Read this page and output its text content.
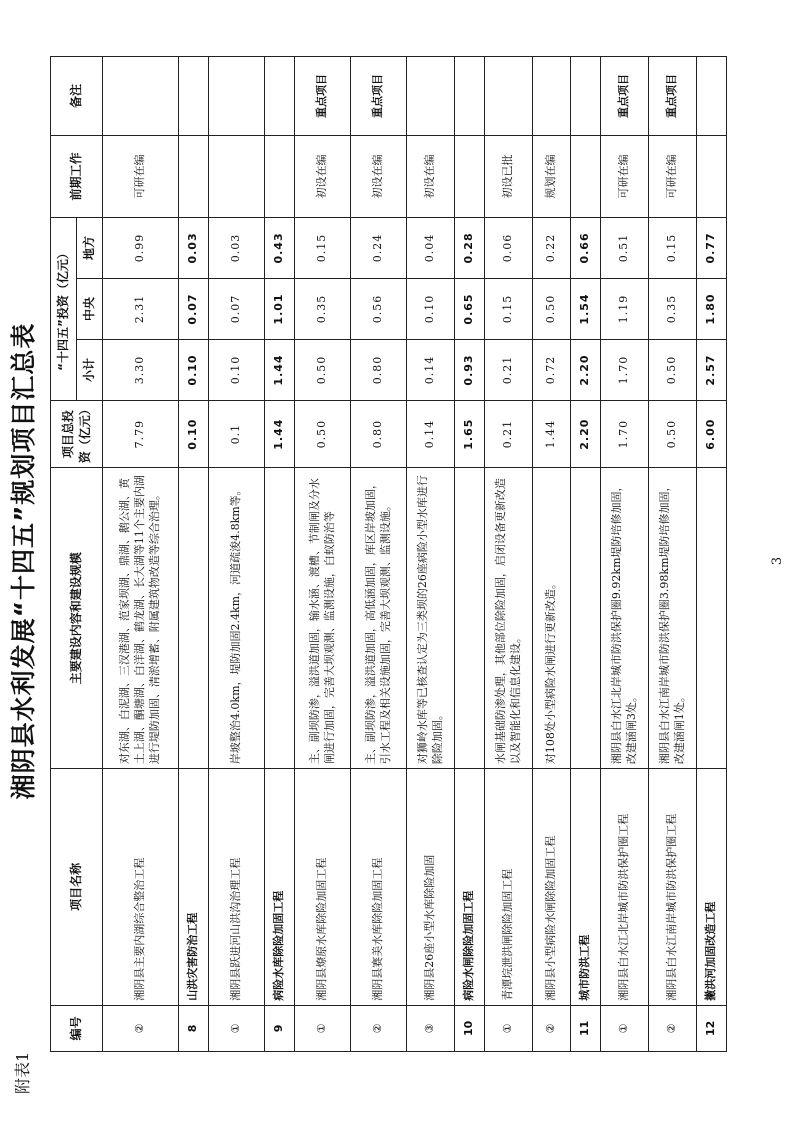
附表1
湘阴县水利发展“十四五”规划项目汇总表
编号	项目名称	主要建设内容和建设规模	项目总投资（亿元）	“十四五”投资（亿元）			前期工作	备注
				小计	中央	地方		
②	湘阴县主要内湖综合整治工程	对东湖、白泥湖、三汊港湖、范家坝湖、鼎湖、鹅公湖、黄土上湖、酮塘湖、白洋湖、鹤龙湖、长大湖等11个主要内湖进行堤防加固、清淤增蓄、附属建筑物改造等综合治理。	7.79	3.30	2.31	0.99	可研在编	
8	山洪灾害防治工程		0.10	0.10	0.07	0.03		
①	湘阴县跃进河山洪沟治理工程	岸坡整治4.0km，堤防加固2.4km，河道疏浚4.8km等。	0.1	0.10	0.07	0.03		
9	病险水库除险加固工程		1.44	1.44	1.01	0.43		
①	湘阴县燎原水库除险加固工程	主、副坝防渗，溢洪道加固，输水涵、渡槽、节制闸及分水闸进行加固，完善大坝观测、监测设施，白蚁防治等	0.50	0.50	0.35	0.15	初设在编	重点项目
②	湘阴县赛美水库除险加固工程	主、副坝防渗，溢洪道加固，高低涵加固，库区岸坡加固，引水工程及相关设施加固，完善大坝观测、监测设施。	0.80	0.80	0.56	0.24	初设在编	重点项目
③	湘阴县26座小型水库除险加固	对狮岭水库等已核查认定为三类坝的26座病险小型水库进行除险加固。	0.14	0.14	0.10	0.04	初设在编	
10	病险水闸除险加固工程		1.65	0.93	0.65	0.28		
①	青潭垸泄洪闸除险加固工程	水闸基础防渗处理，其他部位除险加固，启闭设备更新改造以及智能化和信息化建设。	0.21	0.21	0.15	0.06	初设已批	
②	湘阴县小型病险水闸除险加固工程	对108处小型病险水闸进行更新改造。	1.44	0.72	0.50	0.22	规划在编	
11	城市防洪工程		2.20	2.20	1.54	0.66		
①	湘阴县白水江北岸城市防洪保护圈工程	湘阴县白水江北岸城市防洪保护圈9.92km堤防培修加固，改建涵闸3处。	1.70	1.70	1.19	0.51	可研在编	重点项目
②	湘阴县白水江南岸城市防洪保护圈工程	湘阴县白水江南岸城市防洪保护圈3.98km堤防培修加固，改建涵闸1处。	0.50	0.50	0.35	0.15	可研在编	重点项目
12	撇洪河加固改造工程		6.00	2.57	1.80	0.77		
3
